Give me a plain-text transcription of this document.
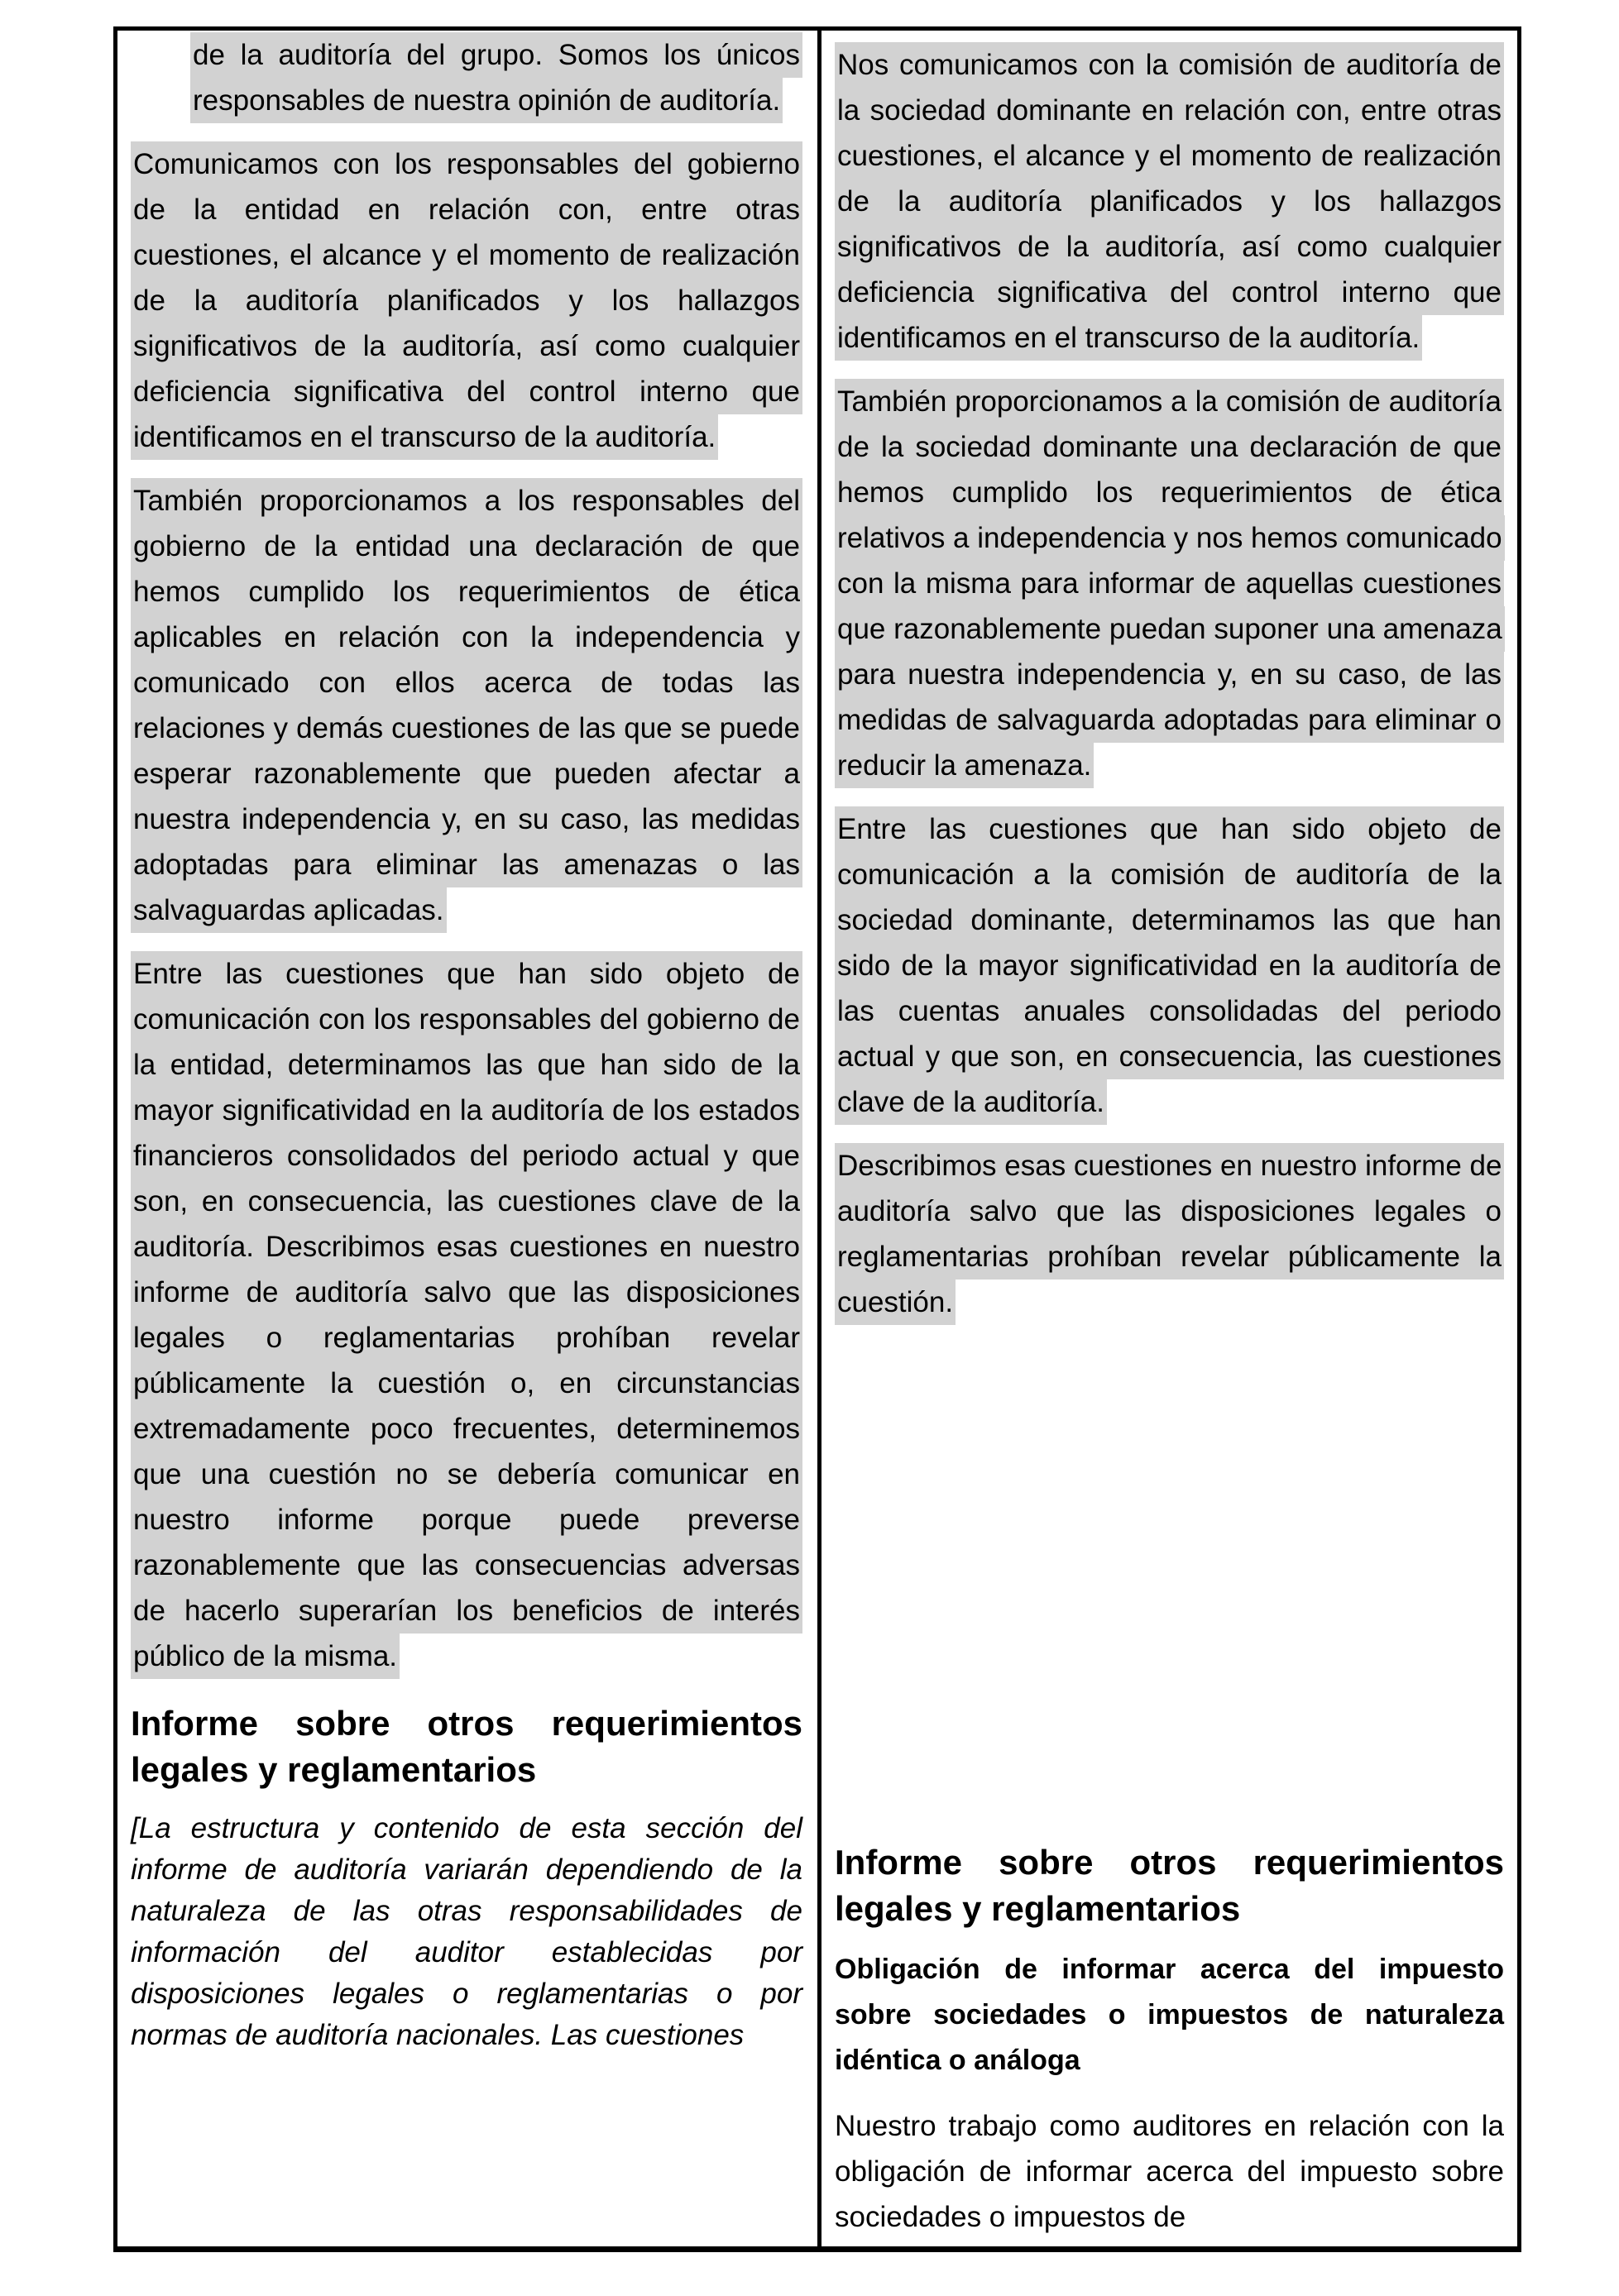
de la auditoría del grupo. Somos los únicos responsables de nuestra opinión de auditoría.

Comunicamos con los responsables del gobierno de la entidad en relación con, entre otras cuestiones, el alcance y el momento de realización de la auditoría planificados y los hallazgos significativos de la auditoría, así como cualquier deficiencia significativa del control interno que identificamos en el transcurso de la auditoría.

También proporcionamos a los responsables del gobierno de la entidad una declaración de que hemos cumplido los requerimientos de ética aplicables en relación con la independencia y comunicado con ellos acerca de todas las relaciones y demás cuestiones de las que se puede esperar razonablemente que pueden afectar a nuestra independencia y, en su caso, las medidas adoptadas para eliminar las amenazas o las salvaguardas aplicadas.

Entre las cuestiones que han sido objeto de comunicación con los responsables del gobierno de la entidad, determinamos las que han sido de la mayor significatividad en la auditoría de los estados financieros consolidados del periodo actual y que son, en consecuencia, las cuestiones clave de la auditoría. Describimos esas cuestiones en nuestro informe de auditoría salvo que las disposiciones legales o reglamentarias prohíban revelar públicamente la cuestión o, en circunstancias extremadamente poco frecuentes, determinemos que una cuestión no se debería comunicar en nuestro informe porque puede preverse razonablemente que las consecuencias adversas de hacerlo superarían los beneficios de interés público de la misma.

Informe sobre otros requerimientos legales y reglamentarios

[La estructura y contenido de esta sección del informe de auditoría variarán dependiendo de la naturaleza de las otras responsabilidades de información del auditor establecidas por disposiciones legales o reglamentarias o por normas de auditoría nacionales. Las cuestiones

Nos comunicamos con la comisión de auditoría de la sociedad dominante en relación con, entre otras cuestiones, el alcance y el momento de realización de la auditoría planificados y los hallazgos significativos de la auditoría, así como cualquier deficiencia significativa del control interno que identificamos en el transcurso de la auditoría.

También proporcionamos a la comisión de auditoría de la sociedad dominante una declaración de que hemos cumplido los requerimientos de ética relativos a independencia y nos hemos comunicado con la misma para informar de aquellas cuestiones que razonablemente puedan suponer una amenaza para nuestra independencia y, en su caso, de las medidas de salvaguarda adoptadas para eliminar o reducir la amenaza.

Entre las cuestiones que han sido objeto de comunicación a la comisión de auditoría de la sociedad dominante, determinamos las que han sido de la mayor significatividad en la auditoría de las cuentas anuales consolidadas del periodo actual y que son, en consecuencia, las cuestiones clave de la auditoría.

Describimos esas cuestiones en nuestro informe de auditoría salvo que las disposiciones legales o reglamentarias prohíban revelar públicamente la cuestión.

Informe sobre otros requerimientos legales y reglamentarios
Obligación de informar acerca del impuesto sobre sociedades o impuestos de naturaleza idéntica o análoga

Nuestro trabajo como auditores en relación con la obligación de informar acerca del impuesto sobre sociedades o impuestos de
